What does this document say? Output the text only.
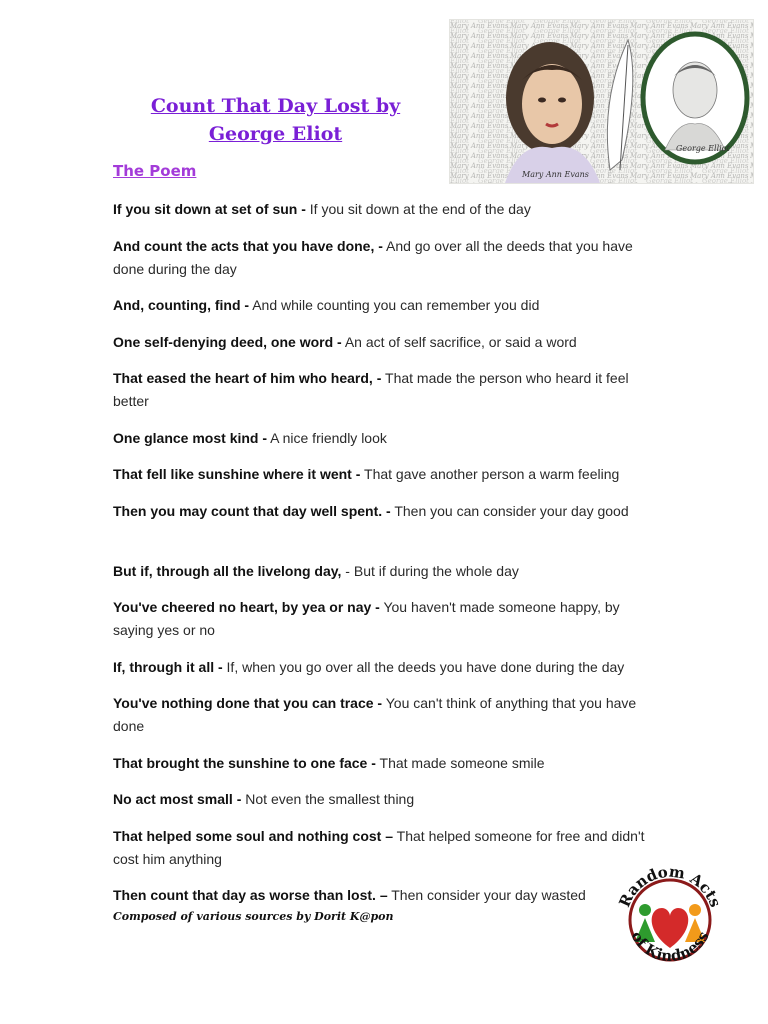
Count That Day Lost by
George Eliot
The Poem
If you sit down at set of sun - If you sit down at the end of the day
And count the acts that you have done, - And go over all the deeds that you have done during the day
And, counting, find - And while counting you can remember you did
One self-denying deed, one word - An act of self sacrifice, or said a word
That eased the heart of him who heard, - That made the person who heard it feel better
One glance most kind - A nice friendly look
That fell like sunshine where it went - That gave another person a warm feeling
Then you may count that day well spent. - Then you can consider your day good
But if, through all the livelong day, - But if during the whole day
You've cheered no heart, by yea or nay - You haven't made someone happy, by saying yes or no
If, through it all - If, when you go over all the deeds you have done during the day
You've nothing done that you can trace - You can't think of anything that you have done
That brought the sunshine to one face - That made someone smile
No act most small - Not even the smallest thing
That helped some soul and nothing cost – That helped someone for free and didn't cost him anything
Then count that day as worse than lost. – Then consider your day wasted
Composed of various sources by Dorit K@pon
Mary Ann Evans
George Elliot
Random Acts
of Kindness
